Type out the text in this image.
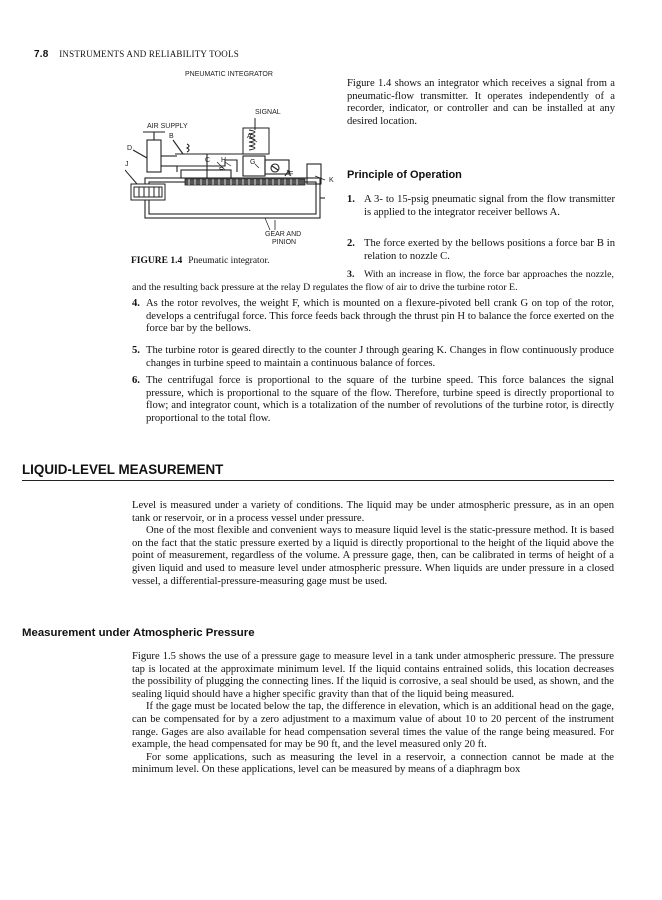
7.8 INSTRUMENTS AND RELIABILITY TOOLS
PNEUMATIC INTEGRATOR
SIGNAL
AIR SUPPLY
B	A
D
C H	G
F
J
K
GEAR AND
PINION
FIGURE 1.4 Pneumatic integrator.
Figure 1.4 shows an integrator which receives a signal from a pneumatic-flow transmitter. It operates independently of a recorder, indicator, or controller and can be installed at any desired location.
Principle of Operation
1. A 3- to 15-psig pneumatic signal from the flow transmitter is applied to the integrator receiver bellows A.
2. The force exerted by the bellows positions a force bar B in relation to nozzle C.
3. With an increase in flow, the force bar approaches the nozzle, and the resulting back pressure at the relay D regulates the flow of air to drive the turbine rotor E.
4. As the rotor revolves, the weight F, which is mounted on a flexure-pivoted bell crank G on top of the rotor, develops a centrifugal force. This force feeds back through the thrust pin H to balance the force exerted on the force bar by the bellows.
5. The turbine rotor is geared directly to the counter J through gearing K. Changes in flow continuously produce changes in turbine speed to maintain a continuous balance of forces.
6. The centrifugal force is proportional to the square of the turbine speed. This force balances the signal pressure, which is proportional to the square of the flow. Therefore, turbine speed is directly proportional to flow; and integrator count, which is a totalization of the number of revolutions of the turbine rotor, is directly proportional to the total flow.
LIQUID-LEVEL MEASUREMENT

Level is measured under a variety of conditions. The liquid may be under atmospheric pressure, as in an open tank or reservoir, or in a process vessel under pressure.

One of the most flexible and convenient ways to measure liquid level is the static-pressure method. It is based on the fact that the static pressure exerted by a liquid is directly proportional to the height of the liquid above the point of measurement, regardless of the volume. A pressure gage, then, can be calibrated in terms of height of a given liquid and used to measure level under atmospheric pressure. When liquids are under pressure in a closed vessel, a differential-pressure-measuring gage must be used.

Measurement under Atmospheric Pressure

Figure 1.5 shows the use of a pressure gage to measure level in a tank under atmospheric pressure. The pressure tap is located at the approximate minimum level. If the liquid contains entrained solids, this location decreases the possibility of plugging the connecting lines. If the liquid is corrosive, a seal should be used, as shown, and the sealing liquid should have a higher specific gravity than that of the liquid being measured.

If the gage must be located below the tap, the difference in elevation, which is an additional head on the gage, can be compensated for by a zero adjustment to a maximum value of about 10 to 20 percent of the instrument range. Gages are also available for head compensation several times the value of the range being measured. For example, the head compensated for may be 90 ft, and the level measured only 20 ft.

For some applications, such as measuring the level in a reservoir, a connection cannot be made at the minimum level. On these applications, level can be measured by means of a diaphragm box
